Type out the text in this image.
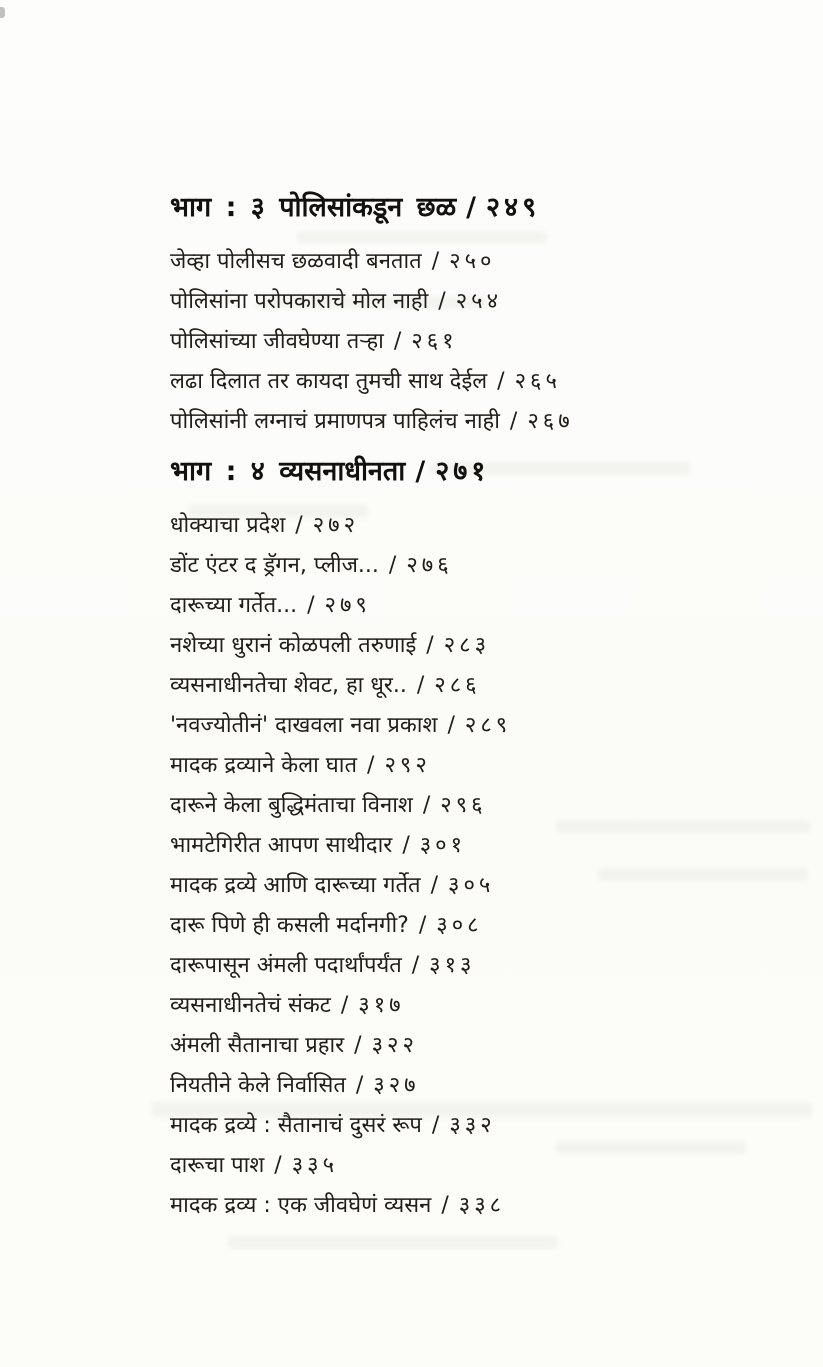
भाग : ३ पोलिसांकडून छळ / २४९
जेव्हा पोलीसच छळवादी बनतात / २५०
पोलिसांना परोपकाराचे मोल नाही / २५४
पोलिसांच्या जीवघेण्या तऱ्हा / २६१
लढा दिलात तर कायदा तुमची साथ देईल / २६५
पोलिसांनी लग्नाचं प्रमाणपत्र पाहिलंच नाही / २६७
भाग : ४ व्यसनाधीनता / २७१
धोक्याचा प्रदेश / २७२
डोंट एंटर द ड्रॅगन, प्लीज... / २७६
दारूच्या गर्तेत... / २७९
नशेच्या धुरानं कोळपली तरुणाई / २८३
व्यसनाधीनतेचा शेवट, हा धूर.. / २८६
'नवज्योतीनं' दाखवला नवा प्रकाश / २८९
मादक द्रव्याने केला घात / २९२
दारूने केला बुद्धिमंताचा विनाश / २९६
भामटेगिरीत आपण साथीदार / ३०१
मादक द्रव्ये आणि दारूच्या गर्तेत / ३०५
दारू पिणे ही कसली मर्दानगी? / ३०८
दारूपासून अंमली पदार्थांपर्यंत / ३१३
व्यसनाधीनतेचं संकट / ३१७
अंमली सैतानाचा प्रहार / ३२२
नियतीने केले निर्वासित / ३२७
मादक द्रव्ये : सैतानाचं दुसरं रूप / ३३२
दारूचा पाश / ३३५
मादक द्रव्य : एक जीवघेणं व्यसन / ३३८
